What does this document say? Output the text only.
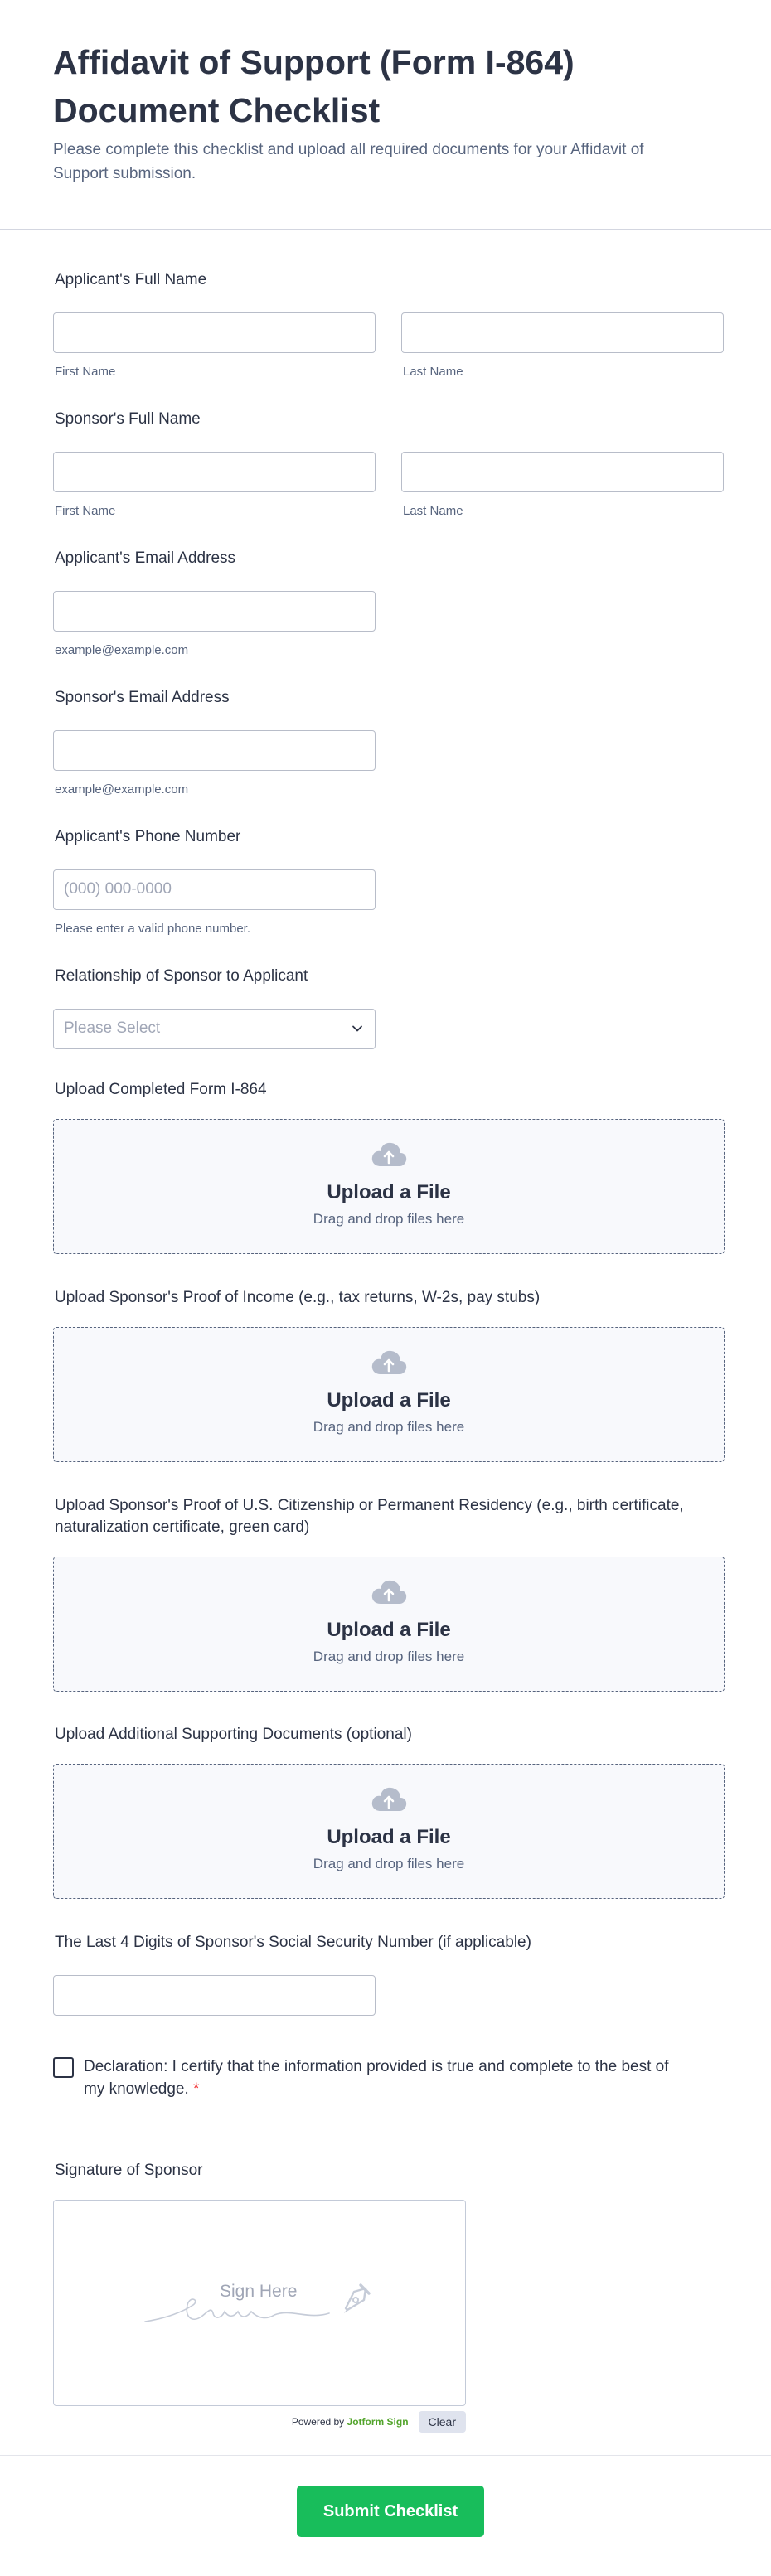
Affidavit of Support (Form I-864) Document Checklist

Please complete this checklist and upload all required documents for your Affidavit of Support submission.

Applicant's Full Name
First Name	Last Name
Sponsor's Full Name
First Name	Last Name
Applicant's Email Address
example@example.com
Sponsor's Email Address
example@example.com
Applicant's Phone Number
(000) 000-0000
Please enter a valid phone number.
Relationship of Sponsor to Applicant
Please Select
Upload Completed Form I-864
Upload a File
Drag and drop files here
Upload Sponsor's Proof of Income (e.g., tax returns, W-2s, pay stubs)
Upload a File
Drag and drop files here
Upload Sponsor's Proof of U.S. Citizenship or Permanent Residency (e.g., birth certificate, naturalization certificate, green card)
Upload a File
Drag and drop files here
Upload Additional Supporting Documents (optional)
Upload a File
Drag and drop files here
The Last 4 Digits of Sponsor's Social Security Number (if applicable)
Declaration: I certify that the information provided is true and complete to the best of my knowledge. *
Signature of Sponsor
Sign Here
Powered by Jotform Sign	Clear
Submit Checklist
